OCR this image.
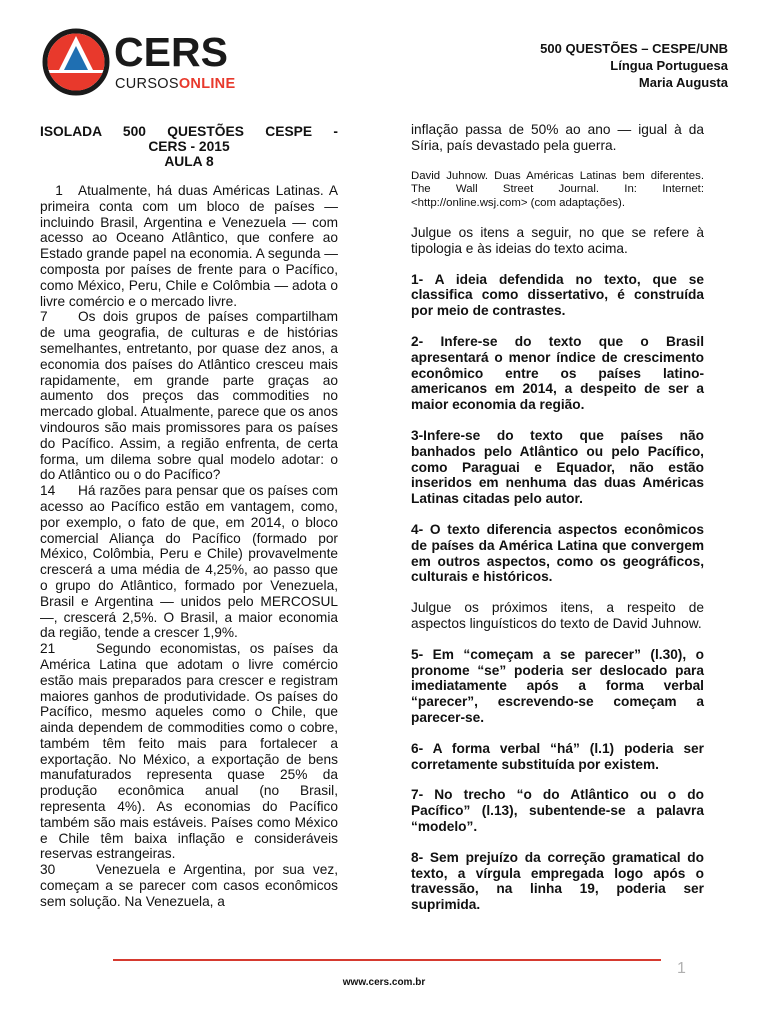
CERS
CURSOSONLINE
500 QUESTÕES – CESPE/UNB
Língua Portuguesa
Maria Augusta
ISOLADA 500 QUESTÕES CESPE -
CERS - 2015
AULA 8

1 Atualmente, há duas Américas Latinas. A primeira conta com um bloco de países — incluindo Brasil, Argentina e Venezuela — com acesso ao Oceano Atlântico, que confere ao Estado grande papel na economia. A segunda — composta por países de frente para o Pacífico, como México, Peru, Chile e Colômbia — adota o livre comércio e o mercado livre.

7 Os dois grupos de países compartilham de uma geografia, de culturas e de histórias semelhantes, entretanto, por quase dez anos, a economia dos países do Atlântico cresceu mais rapidamente, em grande parte graças ao aumento dos preços das commodities no mercado global. Atualmente, parece que os anos vindouros são mais promissores para os países do Pacífico. Assim, a região enfrenta, de certa forma, um dilema sobre qual modelo adotar: o do Atlântico ou o do Pacífico?

14 Há razões para pensar que os países com acesso ao Pacífico estão em vantagem, como, por exemplo, o fato de que, em 2014, o bloco comercial Aliança do Pacífico (formado por México, Colômbia, Peru e Chile) provavelmente crescerá a uma média de 4,25%, ao passo que o grupo do Atlântico, formado por Venezuela, Brasil e Argentina — unidos pelo MERCOSUL —, crescerá 2,5%. O Brasil, a maior economia da região, tende a crescer 1,9%.

21	Segundo economistas, os países da América Latina que adotam o livre comércio estão mais preparados para crescer e registram maiores ganhos de produtividade. Os países do Pacífico, mesmo aqueles como o Chile, que ainda dependem de commodities como o cobre, também têm feito mais para fortalecer a exportação. No México, a exportação de bens manufaturados representa quase 25% da produção econômica anual (no Brasil, representa 4%). As economias do Pacífico também são mais estáveis. Países como México e Chile têm baixa inflação e consideráveis reservas estrangeiras.

30	Venezuela e Argentina, por sua vez, começam a se parecer com casos econômicos sem solução. Na Venezuela, a

inflação passa de 50% ao ano — igual à da Síria, país devastado pela guerra.

David Juhnow. Duas Américas Latinas bem diferentes. The Wall Street Journal. In: Internet: <http://online.wsj.com> (com adaptações).

Julgue os itens a seguir, no que se refere à tipologia e às ideias do texto acima.

1- A ideia defendida no texto, que se classifica como dissertativo, é construída por meio de contrastes.

2- Infere-se do texto que o Brasil apresentará o menor índice de crescimento econômico entre os países latino-americanos em 2014, a despeito de ser a maior economia da região.

3-Infere-se do texto que países não banhados pelo Atlântico ou pelo Pacífico, como Paraguai e Equador, não estão inseridos em nenhuma das duas Américas Latinas citadas pelo autor.

4- O texto diferencia aspectos econômicos de países da América Latina que convergem em outros aspectos, como os geográficos, culturais e históricos.

Julgue os próximos itens, a respeito de aspectos linguísticos do texto de David Juhnow.

5- Em “começam a se parecer” (l.30), o pronome “se” poderia ser deslocado para imediatamente após a forma verbal “parecer”, escrevendo-se começam a parecer-se.

6- A forma verbal “há” (l.1) poderia ser corretamente substituída por existem.

7- No trecho “o do Atlântico ou o do Pacífico” (l.13), subentende-se a palavra “modelo”.

8- Sem prejuízo da correção gramatical do texto, a vírgula empregada logo após o travessão, na linha 19, poderia ser suprimida.

1
www.cers.com.br
